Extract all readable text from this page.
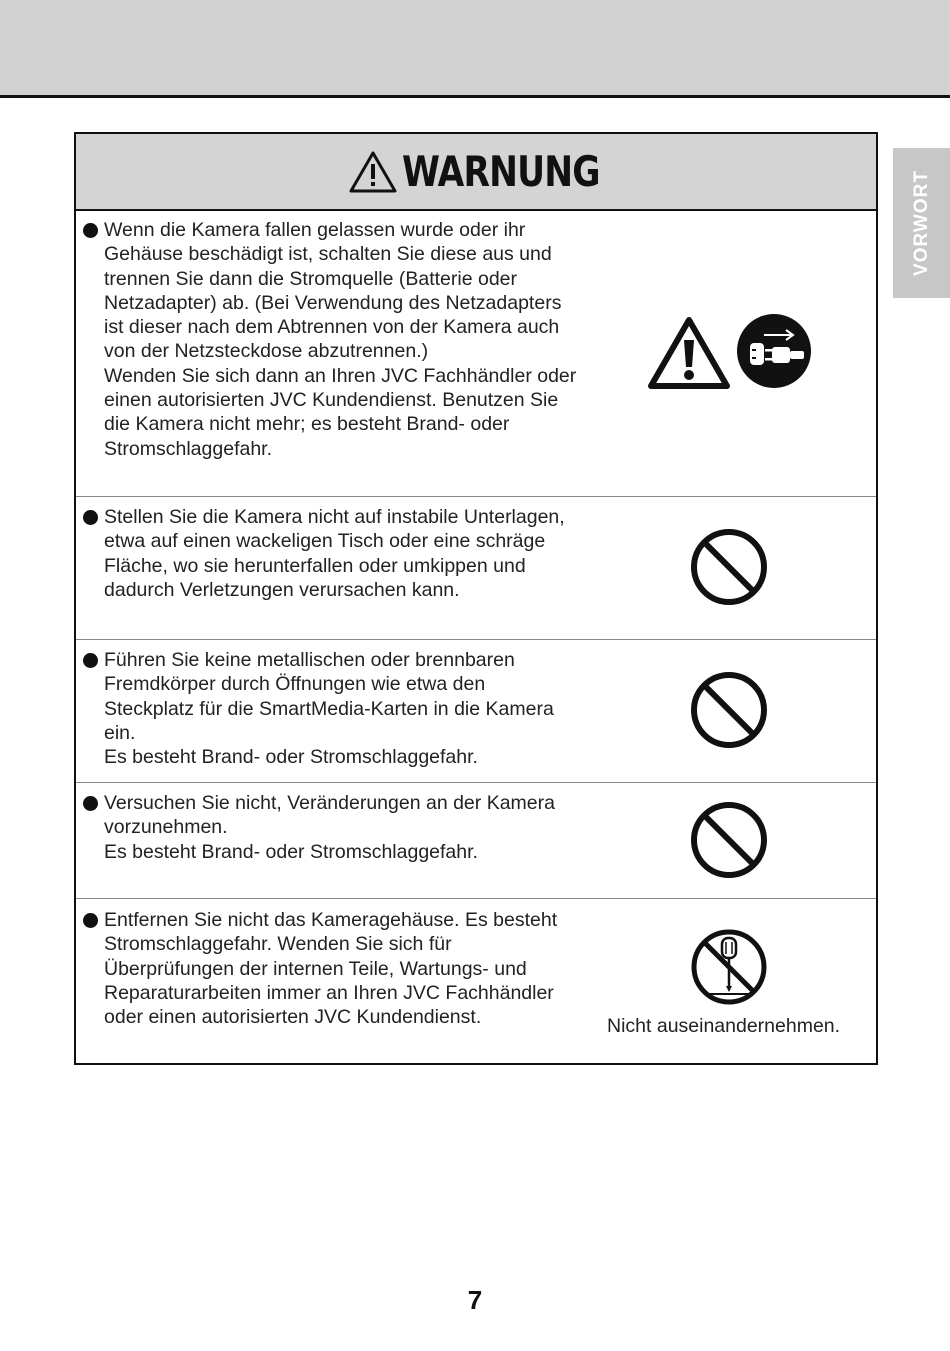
VORWORT
WARNUNG

Wenn die Kamera fallen gelassen wurde oder ihr Gehäuse beschädigt ist, schalten Sie diese aus und trennen Sie dann die Stromquelle (Batterie oder Netzadapter) ab. (Bei Verwendung des Netzadapters ist dieser nach dem Abtrennen von der Kamera auch von der Netzsteckdose abzutrennen.)

Wenden Sie sich dann an Ihren JVC Fachhändler oder einen autorisierten JVC Kundendienst. Benutzen Sie die Kamera nicht mehr; es besteht Brand- oder Stromschlaggefahr.

Stellen Sie die Kamera nicht auf instabile Unterlagen, etwa auf einen wackeligen Tisch oder eine schräge Fläche, wo sie herunterfallen oder umkippen und dadurch Verletzungen verursachen kann.

Führen Sie keine metallischen oder brennbaren Fremdkörper durch Öffnungen wie etwa den Steckplatz für die SmartMedia-Karten in die Kamera ein.

Es besteht Brand- oder Stromschlaggefahr.

Versuchen Sie nicht, Veränderungen an der Kamera vorzunehmen.

Es besteht Brand- oder Stromschlaggefahr.

Entfernen Sie nicht das Kameragehäuse. Es besteht Stromschlaggefahr. Wenden Sie sich für Überprüfungen der internen Teile, Wartungs- und Reparaturarbeiten immer an Ihren JVC Fachhändler oder einen autorisierten JVC Kundendienst.	Nicht auseinandernehmen.
7
